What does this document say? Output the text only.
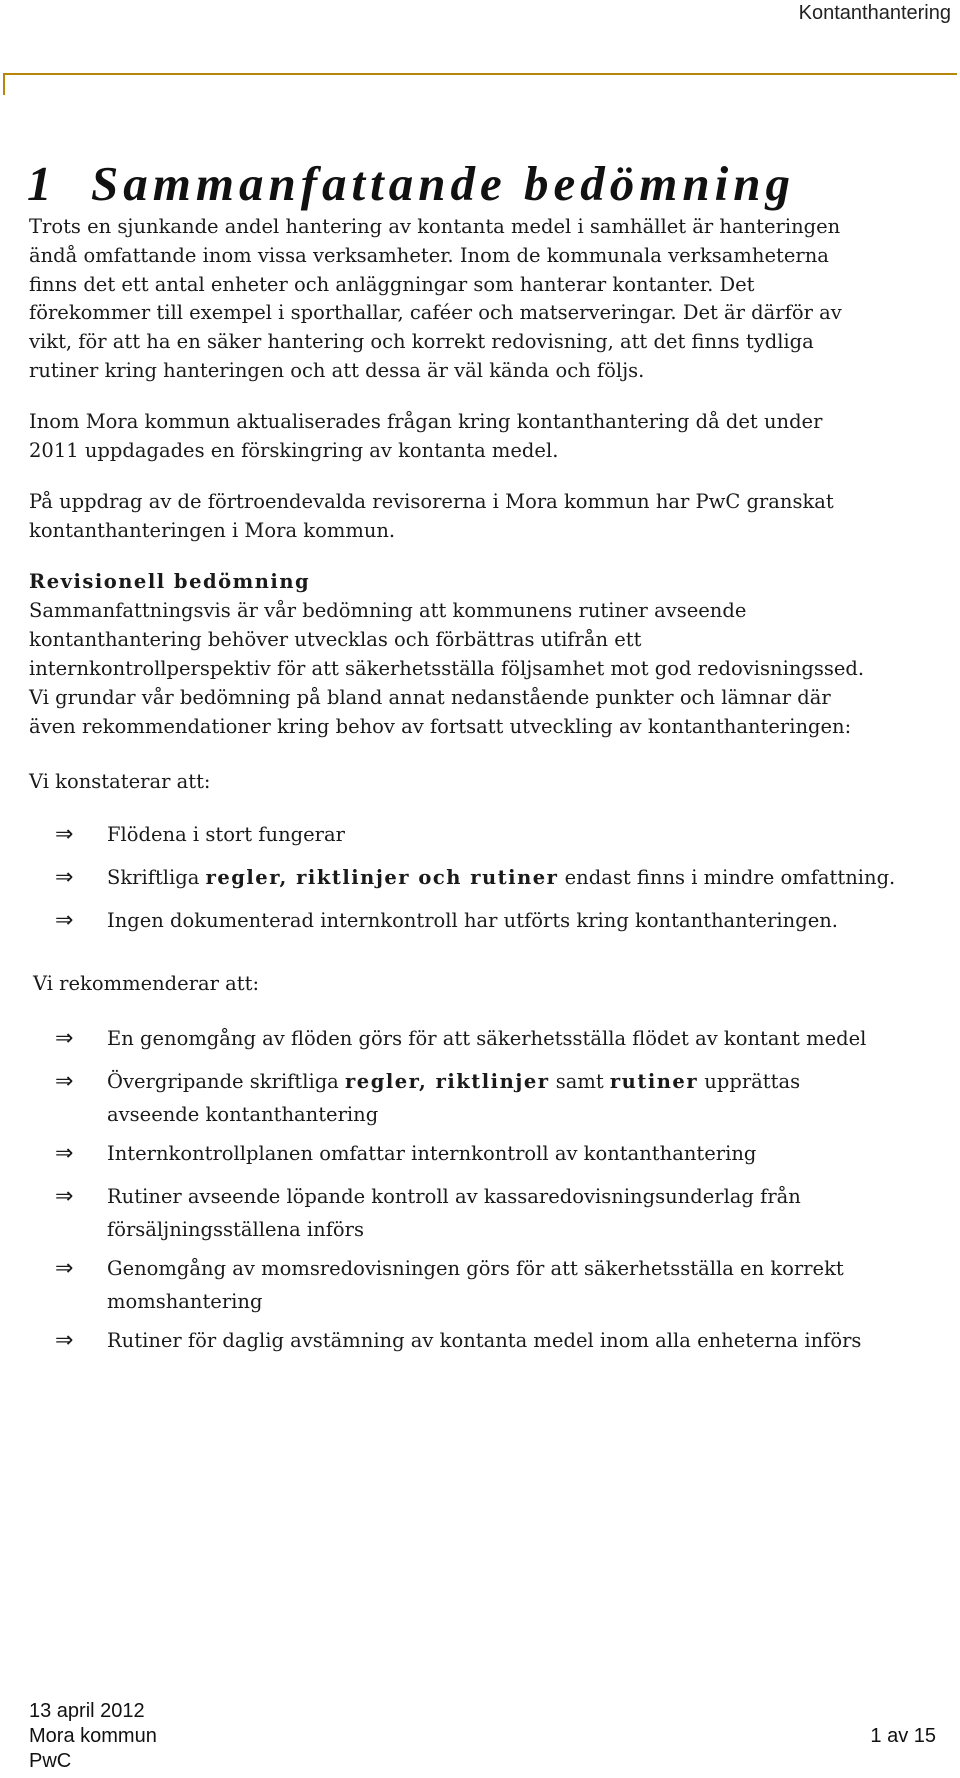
Kontanthantering
1 Sammanfattande bedömning
Trots en sjunkande andel hantering av kontanta medel i samhället är hanteringen
ändå omfattande inom vissa verksamheter. Inom de kommunala verksamheterna
finns det ett antal enheter och anläggningar som hanterar kontanter. Det
förekommer till exempel i sporthallar, caféer och matserveringar. Det är därför av
vikt, för att ha en säker hantering och korrekt redovisning, att det finns tydliga
rutiner kring hanteringen och att dessa är väl kända och följs.
Inom Mora kommun aktualiserades frågan kring kontanthantering då det under
2011 uppdagades en förskingring av kontanta medel.
På uppdrag av de förtroendevalda revisorerna i Mora kommun har PwC granskat
kontanthanteringen i Mora kommun.
Revisionell bedömning
Sammanfattningsvis är vår bedömning att kommunens rutiner avseende
kontanthantering behöver utvecklas och förbättras utifrån ett
internkontrollperspektiv för att säkerhetsställa följsamhet mot god redovisningssed.
Vi grundar vår bedömning på bland annat nedanstående punkter och lämnar där
även rekommendationer kring behov av fortsatt utveckling av kontanthanteringen:
Vi konstaterar att:
⇒ Flödena i stort fungerar
⇒ Skriftliga regler, riktlinjer och rutiner endast finns i mindre omfattning.
⇒ Ingen dokumenterad internkontroll har utförts kring kontanthanteringen.
Vi rekommenderar att:
⇒ En genomgång av flöden görs för att säkerhetsställa flödet av kontant medel
⇒ Övergripande skriftliga regler, riktlinjer samt rutiner upprättas
avseende kontanthantering
⇒ Internkontrollplanen omfattar internkontroll av kontanthantering
⇒ Rutiner avseende löpande kontroll av kassaredovisningsunderlag från
försäljningsställena införs
⇒ Genomgång av momsredovisningen görs för att säkerhetsställa en korrekt
momshantering
⇒ Rutiner för daglig avstämning av kontanta medel inom alla enheterna införs
13 april 2012
Mora kommun
PwC
1 av 15
